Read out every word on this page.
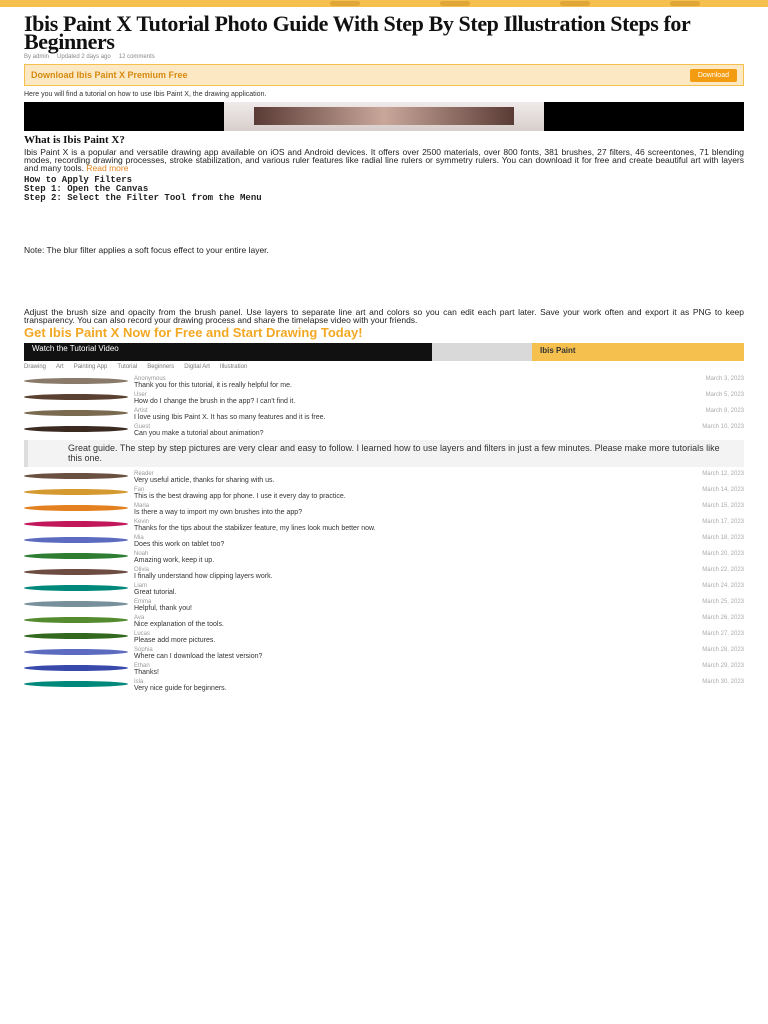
Ibis Paint X Tutorial Photo Guide With Step By Step Illustration Steps for Beginners
By admin Updated 2 days ago 12 comments
Download Ibis Paint X Premium Free	Download

Here you will find a tutorial on how to use Ibis Paint X, the drawing application.

What is Ibis Paint X?

Ibis Paint X is a popular and versatile drawing app available on iOS and Android devices. It offers over 2500 materials, over 800 fonts, 381 brushes, 27 filters, 46 screentones, 71 blending modes, recording drawing processes, stroke stabilization, and various ruler features like radial line rulers or symmetry rulers. You can download it for free and create beautiful art with layers and many tools. Read more

How to Apply Filters
Step 1: Open the Canvas
Step 2: Select the Filter Tool from the Menu

Note: The blur filter applies a soft focus effect to your entire layer.

Adjust the brush size and opacity from the brush panel. Use layers to separate line art and colors so you can edit each part later. Save your work often and export it as PNG to keep transparency. You can also record your drawing process and share the timelapse video with your friends.

Get Ibis Paint X Now for Free and Start Drawing Today!

Watch the Tutorial Video	Ibis Paint
Drawing Art Painting App Tutorial Beginners Digital Art Illustration
Anonymous
Thank you for this tutorial, it is really helpful for me.
March 3, 2023
User
How do I change the brush in the app? I can't find it.
March 5, 2023
Artist
I love using Ibis Paint X. It has so many features and it is free.
March 8, 2023
Guest
Can you make a tutorial about animation?
March 10, 2023
Great guide. The step by step pictures are very clear and easy to follow. I learned how to use layers and filters in just a few minutes. Please make more tutorials like this one.
Reader
Very useful article, thanks for sharing with us.
March 12, 2023
Fan
This is the best drawing app for phone. I use it every day to practice.
March 14, 2023
Maria
Is there a way to import my own brushes into the app?
March 15, 2023
Kevin
Thanks for the tips about the stabilizer feature, my lines look much better now.
March 17, 2023
Mia
Does this work on tablet too?
March 18, 2023
Noah
Amazing work, keep it up.
March 20, 2023
Olivia
I finally understand how clipping layers work.
March 22, 2023
Liam
Great tutorial.
March 24, 2023
Emma
Helpful, thank you!
March 25, 2023
Ava
Nice explanation of the tools.
March 26, 2023
Lucas
Please add more pictures.
March 27, 2023
Sophia
Where can I download the latest version?
March 28, 2023
Ethan
Thanks!
March 29, 2023
Isla
Very nice guide for beginners.
March 30, 2023
